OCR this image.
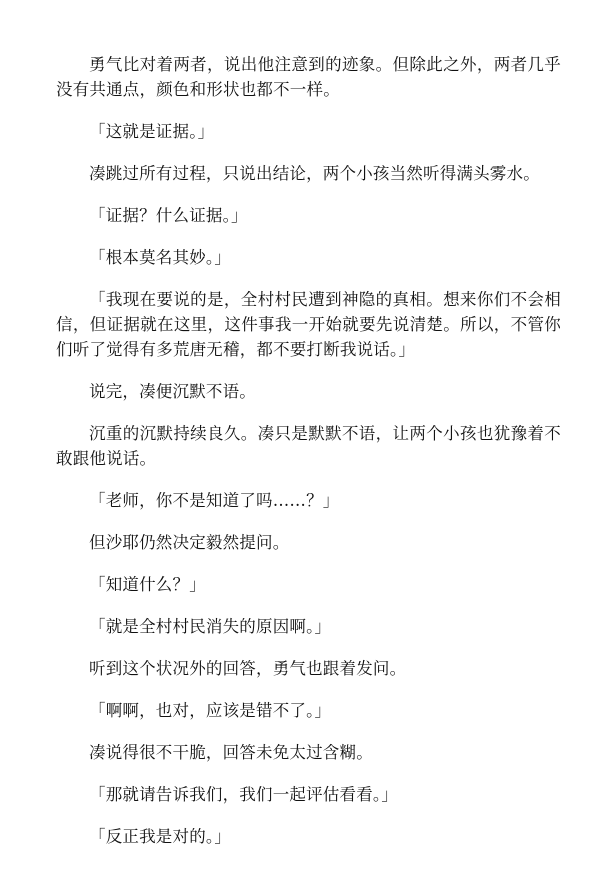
勇气比对着两者，说出他注意到的迹象。但除此之外，两者几乎没有共通点，颜色和形状也都不一样。

「这就是证据。」

凑跳过所有过程，只说出结论，两个小孩当然听得满头雾水。

「证据？什么证据。」

「根本莫名其妙。」

「我现在要说的是，全村村民遭到神隐的真相。想来你们不会相信，但证据就在这里，这件事我一开始就要先说清楚。所以，不管你们听了觉得有多荒唐无稽，都不要打断我说话。」

说完，凑便沉默不语。

沉重的沉默持续良久。凑只是默默不语，让两个小孩也犹豫着不敢跟他说话。

「老师，你不是知道了吗……？」

但沙耶仍然决定毅然提问。

「知道什么？」

「就是全村村民消失的原因啊。」

听到这个状况外的回答，勇气也跟着发问。

「啊啊，也对，应该是错不了。」

凑说得很不干脆，回答未免太过含糊。

「那就请告诉我们，我们一起评估看看。」

「反正我是对的。」
